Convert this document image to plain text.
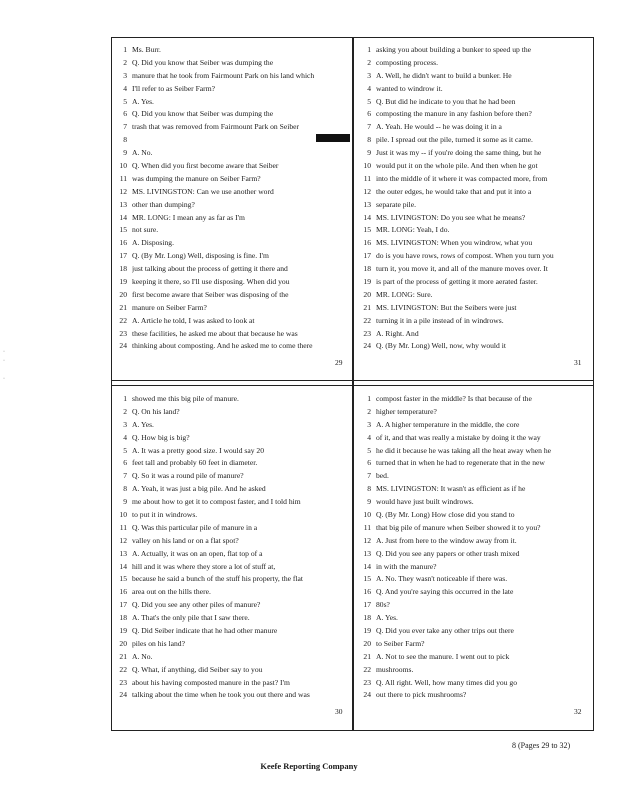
1 Ms. Burr.
2 Q. Did you know that Seiber was dumping the
3 manure that he took from Fairmount Park on his land which
4 I'll refer to as Seiber Farm?
5 A. Yes.
6 Q. Did you know that Seiber was dumping the
7 trash that was removed from Fairmount Park on Seiber
8
9 A. No.
10 Q. When did you first become aware that Seiber
11 was dumping the manure on Seiber Farm?
12 MS. LIVINGSTON: Can we use another word
13 other than dumping?
14 MR. LONG: I mean any as far as I'm
15 not sure.
16 A. Disposing.
17 Q. (By Mr. Long) Well, disposing is fine. I'm
18 just talking about the process of getting it there and
19 keeping it there, so I'll use disposing. When did you
20 first become aware that Seiber was disposing of the
21 manure on Seiber Farm?
22 A. Article he told, I was asked to look at
23 these facilities, he asked me about that because he was
24 thinking about composting. And he asked me to come there
1 asking you about building a bunker to speed up the
2 composting process.
3 A. Well, he didn't want to build a bunker. He
4 wanted to windrow it.
5 Q. But did he indicate to you that he had been
6 composting the manure in any fashion before then?
7 A. Yeah. He would -- he was doing it in a
8 pile. I spread out the pile, turned it some as it came.
9 Just it was my -- if you're doing the same thing, but he
10 would put it on the whole pile. And then when he got
11 into the middle of it where it was compacted more, from
12 the outer edges, he would take that and put it into a
13 separate pile.
14 MS. LIVINGSTON: Do you see what he means?
15 MR. LONG: Yeah, I do.
16 MS. LIVINGSTON: When you windrow, what you
17 do is you have rows, rows of compost. When you turn you
18 turn it, you move it, and all of the manure moves over. It
19 is part of the process of getting it more aerated faster.
20 MR. LONG: Sure.
21 MS. LIVINGSTON: But the Seibers were just
22 turning it in a pile instead of in windrows.
23 A. Right. And
24 Q. (By Mr. Long) Well, now, why would it
1 showed me this big pile of manure.
2 Q. On his land?
3 A. Yes.
4 Q. How big is big?
5 A. It was a pretty good size. I would say 20
6 feet tall and probably 60 feet in diameter.
7 Q. So it was a round pile of manure?
8 A. Yeah, it was just a big pile. And he asked
9 me about how to get it to compost faster, and I told him
10 to put it in windrows.
11 Q. Was this particular pile of manure in a
12 valley on his land or on a flat spot?
13 A. Actually, it was on an open, flat top of a
14 hill and it was where they store a lot of stuff at,
15 because he said a bunch of the stuff his property, the flat
16 area out on the hills there.
17 Q. Did you see any other piles of manure?
18 A. That's the only pile that I saw there.
19 Q. Did Seiber indicate that he had other manure
20 piles on his land?
21 A. No.
22 Q. What, if anything, did Seiber say to you
23 about his having composted manure in the past? I'm
24 talking about the time when he took you out there and was
1 compost faster in the middle? Is that because of the
2 higher temperature?
3 A. A higher temperature in the middle, the core
4 of it, and that was really a mistake by doing it the way
5 he did it because he was taking all the heat away when he
6 turned that in when he had to regenerate that in the new
7 bed.
8 MS. LIVINGSTON: It wasn't as efficient as if he
9 would have just built windrows.
10 Q. (By Mr. Long) How close did you stand to
11 that big pile of manure when Seiber showed it to you?
12 A. Just from here to the window away from it.
13 Q. Did you see any papers or other trash mixed
14 in with the manure?
15 A. No. They wasn't noticeable if there was.
16 Q. And you're saying this occurred in the late
17 80s?
18 A. Yes.
19 Q. Did you ever take any other trips out there
20 to Seiber Farm?
21 A. Not to see the manure. I went out to pick
22 mushrooms.
23 Q. All right. Well, how many times did you go
24 out there to pick mushrooms?
29	31
30	32
·
·

·
8 (Pages 29 to 32)
Keefe Reporting Company
